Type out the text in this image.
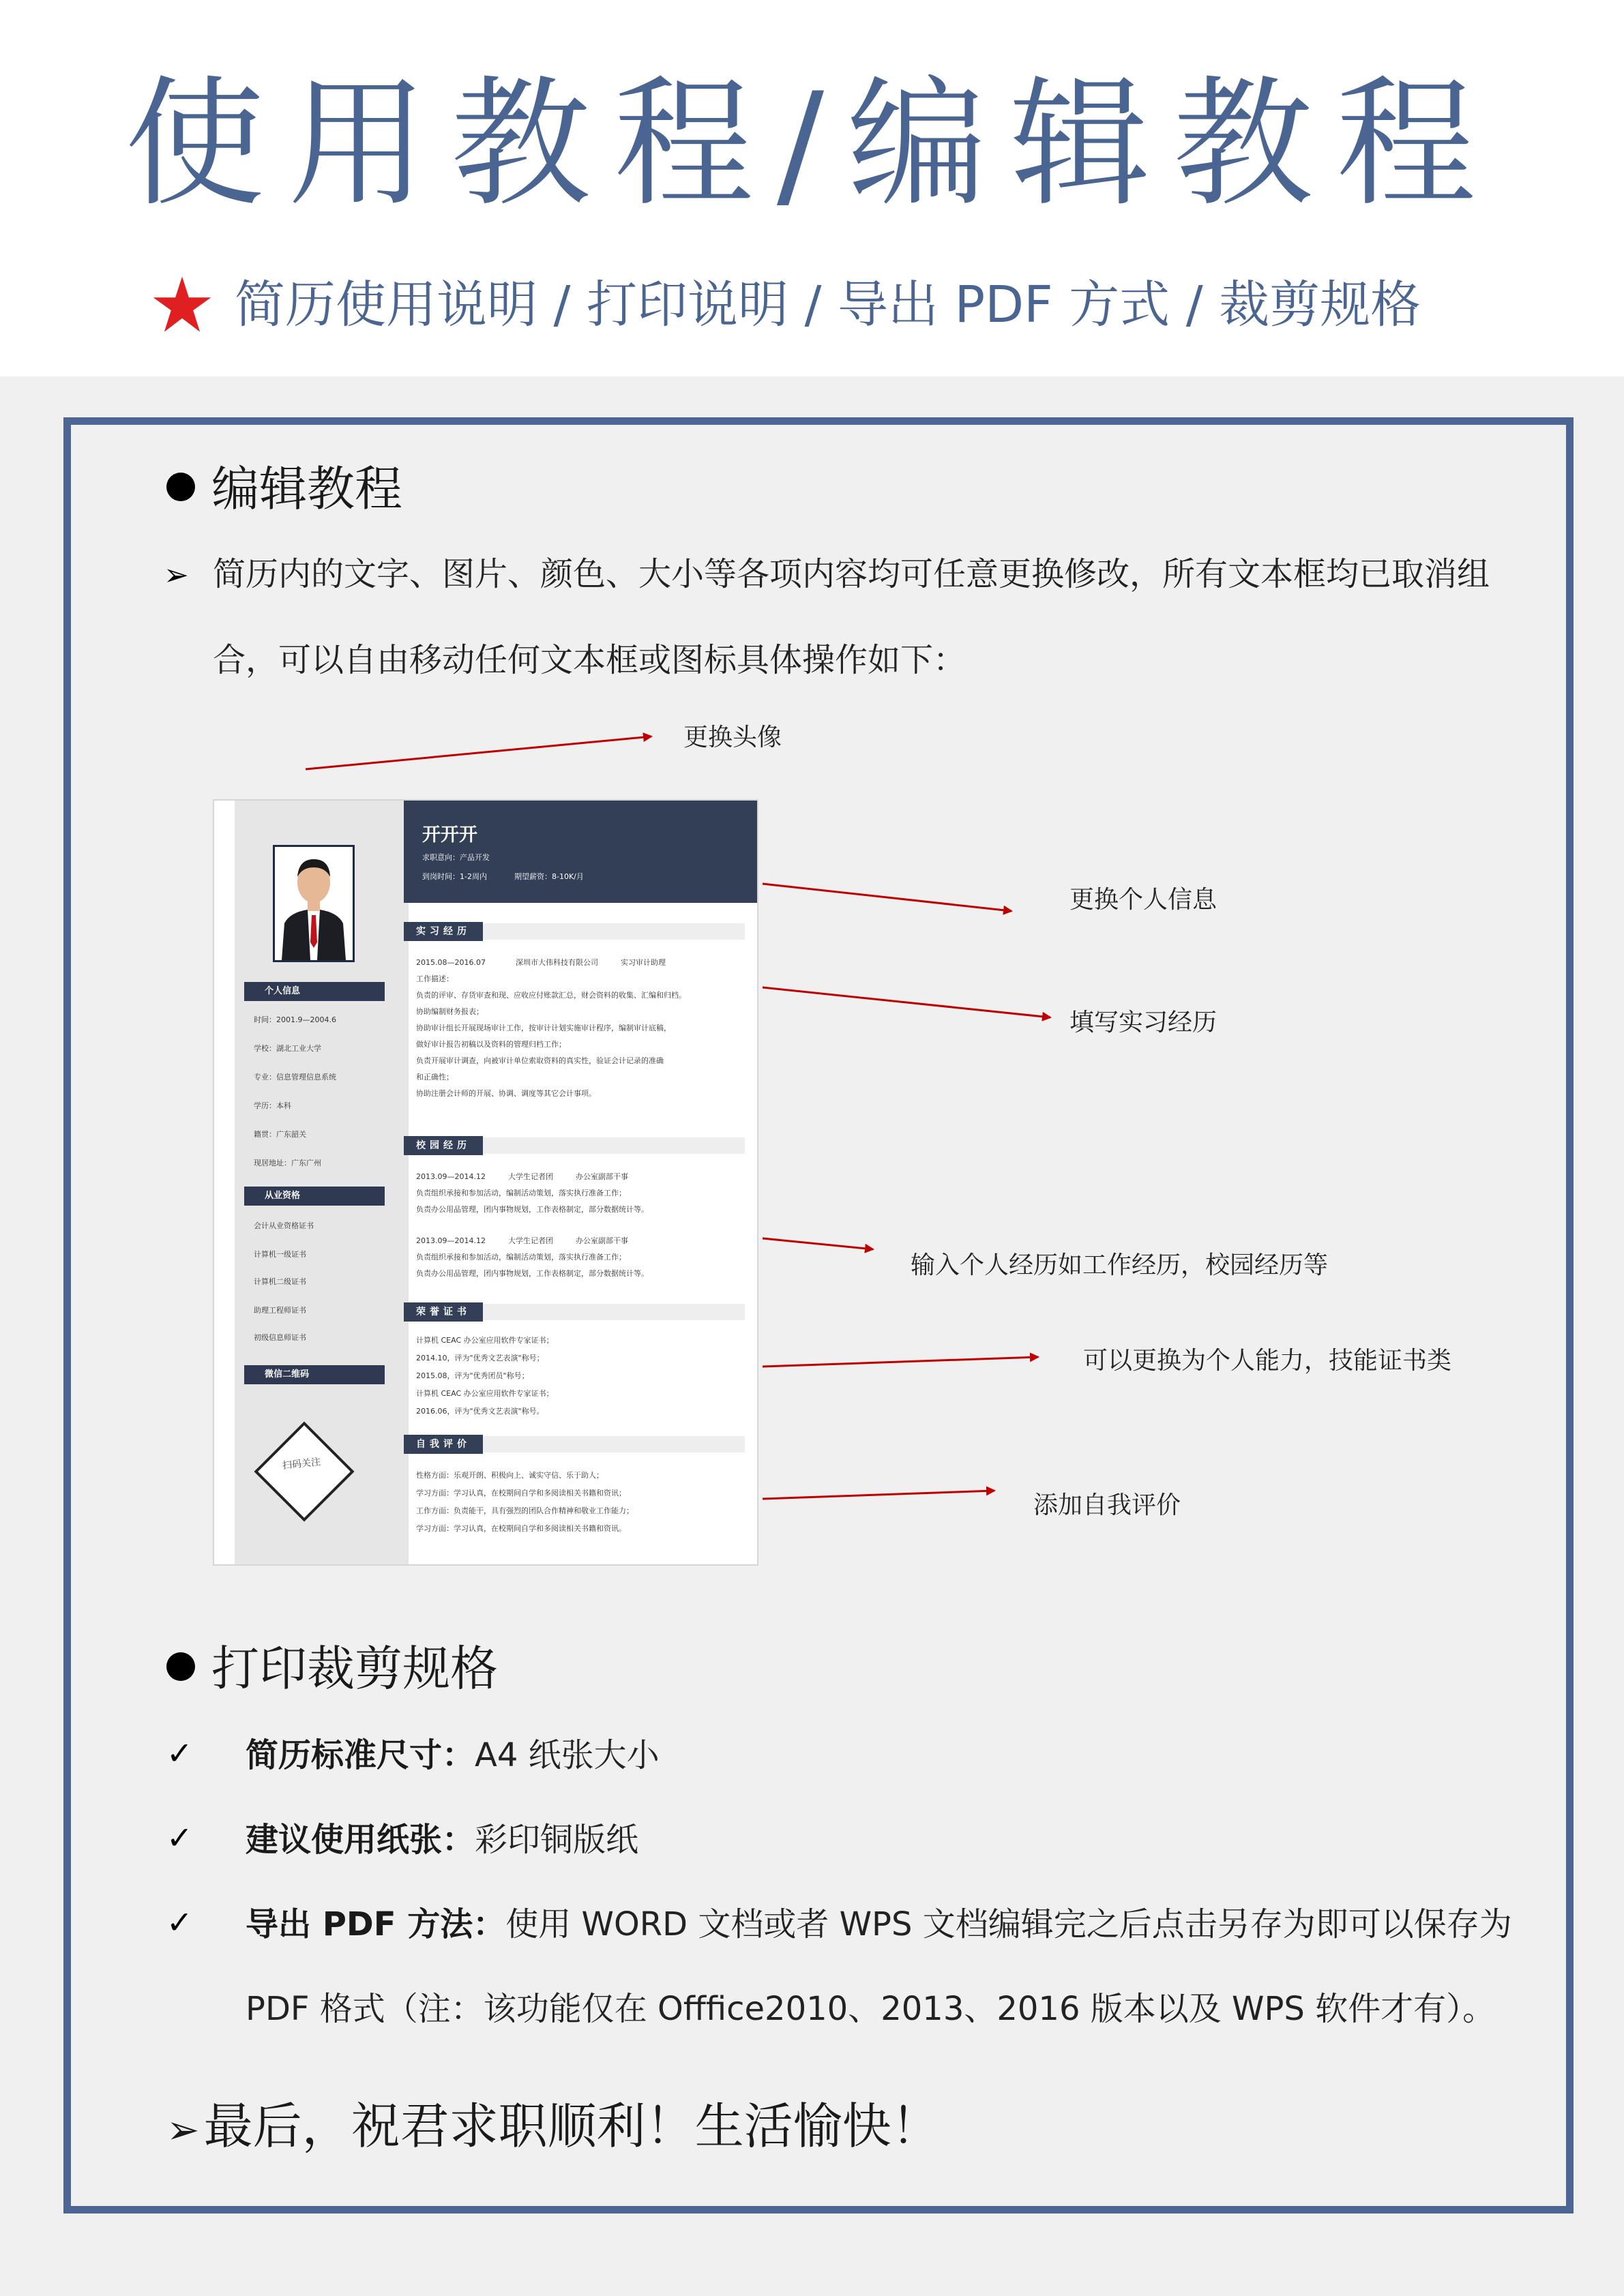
使用教程/编辑教程
简历使用说明 / 打印说明 / 导出 PDF 方式 / 裁剪规格
编辑教程
➢ 简历内的文字、图片、颜色、大小等各项内容均可任意更换修改，所有文本框均已取消组
合，可以自由移动任何文本框或图标具体操作如下：
开开开
求职意向：产品开发
到岗时间：1-2周内	期望薪资：8-10K/月
个人信息
时间：2001.9—2004.6
学校：湖北工业大学
专业：信息管理信息系统
学历：本科
籍贯：广东韶关
现居地址：广东广州
从业资格
会计从业资格证书
计算机一级证书
计算机二级证书
助理工程师证书
初级信息师证书
微信二维码
扫码关注
实习经历
2015.08—2016.07　　　　深圳市大伟科技有限公司　　　实习审计助理
工作描述：
负责的评审、存货审查和现、应收应付账款汇总，财会资料的收集、汇编和归档。
协助编制财务报表；
协助审计组长开展现场审计工作，按审计计划实施审计程序，编制审计底稿，
做好审计报告初稿以及资料的管理归档工作；
负责开展审计调查，向被审计单位索取资料的真实性，验证会计记录的准确
和正确性；
协助注册会计师的开展、协调、调度等其它会计事项。
校园经历
2013.09—2014.12　　　大学生记者团　　　办公室副部干事
负责组织承接和参加活动，编制活动策划，落实执行准备工作；
负责办公用品管理，团内事物规划，工作表格制定，部分数据统计等。
2013.09—2014.12　　　大学生记者团　　　办公室副部干事
负责组织承接和参加活动，编制活动策划，落实执行准备工作；
负责办公用品管理，团内事物规划，工作表格制定，部分数据统计等。
荣誉证书
计算机 CEAC 办公室应用软件专家证书；
2014.10，评为"优秀文艺表演"称号；
2015.08，评为"优秀团员"称号；
计算机 CEAC 办公室应用软件专家证书；
2016.06，评为"优秀文艺表演"称号。
自我评价
性格方面：乐观开朗、积极向上、诚实守信、乐于助人；
学习方面：学习认真，在校期间自学和多阅读相关书籍和资讯；
工作方面：负责能干，具有强烈的团队合作精神和敬业工作能力；
学习方面：学习认真，在校期间自学和多阅读相关书籍和资讯。
更换头像
更换个人信息
填写实习经历
输入个人经历如工作经历，校园经历等
可以更换为个人能力，技能证书类
添加自我评价
打印裁剪规格
✓ 简历标准尺寸：A4 纸张大小
✓ 建议使用纸张：彩印铜版纸
✓ 导出 PDF 方法：使用 WORD 文档或者 WPS 文档编辑完之后点击另存为即可以保存为
PDF 格式（注：该功能仅在 Offfice2010、2013、2016 版本以及 WPS 软件才有）。
➢最后，祝君求职顺利！生活愉快！
